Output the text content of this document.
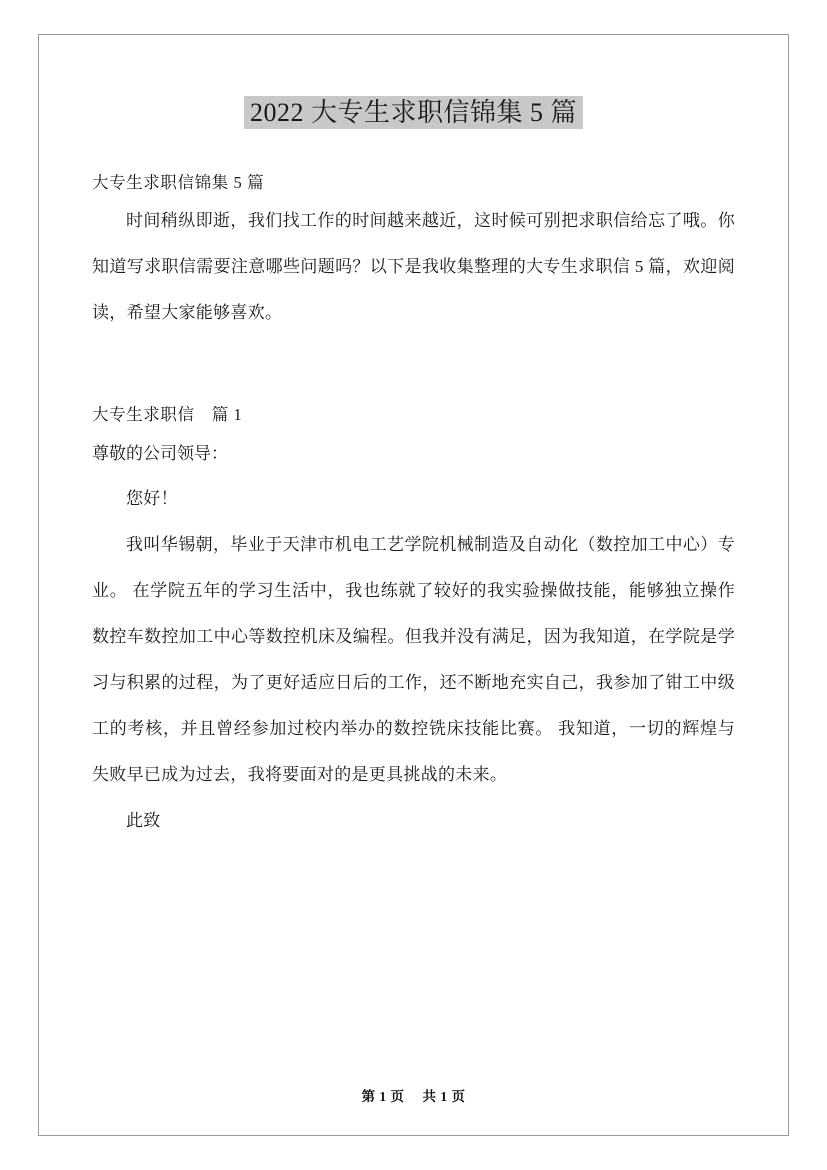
2022 大专生求职信锦集 5 篇
大专生求职信锦集 5 篇

时间稍纵即逝，我们找工作的时间越来越近，这时候可别把求职信给忘了哦。你知道写求职信需要注意哪些问题吗？以下是我收集整理的大专生求职信 5 篇，欢迎阅读，希望大家能够喜欢。

大专生求职信　篇 1

尊敬的公司领导：

您好！

我叫华锡朝，毕业于天津市机电工艺学院机械制造及自动化（数控加工中心）专业。 在学院五年的学习生活中，我也练就了较好的我实验操做技能，能够独立操作数控车数控加工中心等数控机床及编程。但我并没有满足，因为我知道，在学院是学习与积累的过程，为了更好适应日后的工作，还不断地充实自己，我参加了钳工中级工的考核，并且曾经参加过校内举办的数控铣床技能比赛。 我知道，一切的辉煌与失败早已成为过去，我将要面对的是更具挑战的未来。

此致

第 1 页 共 1 页
